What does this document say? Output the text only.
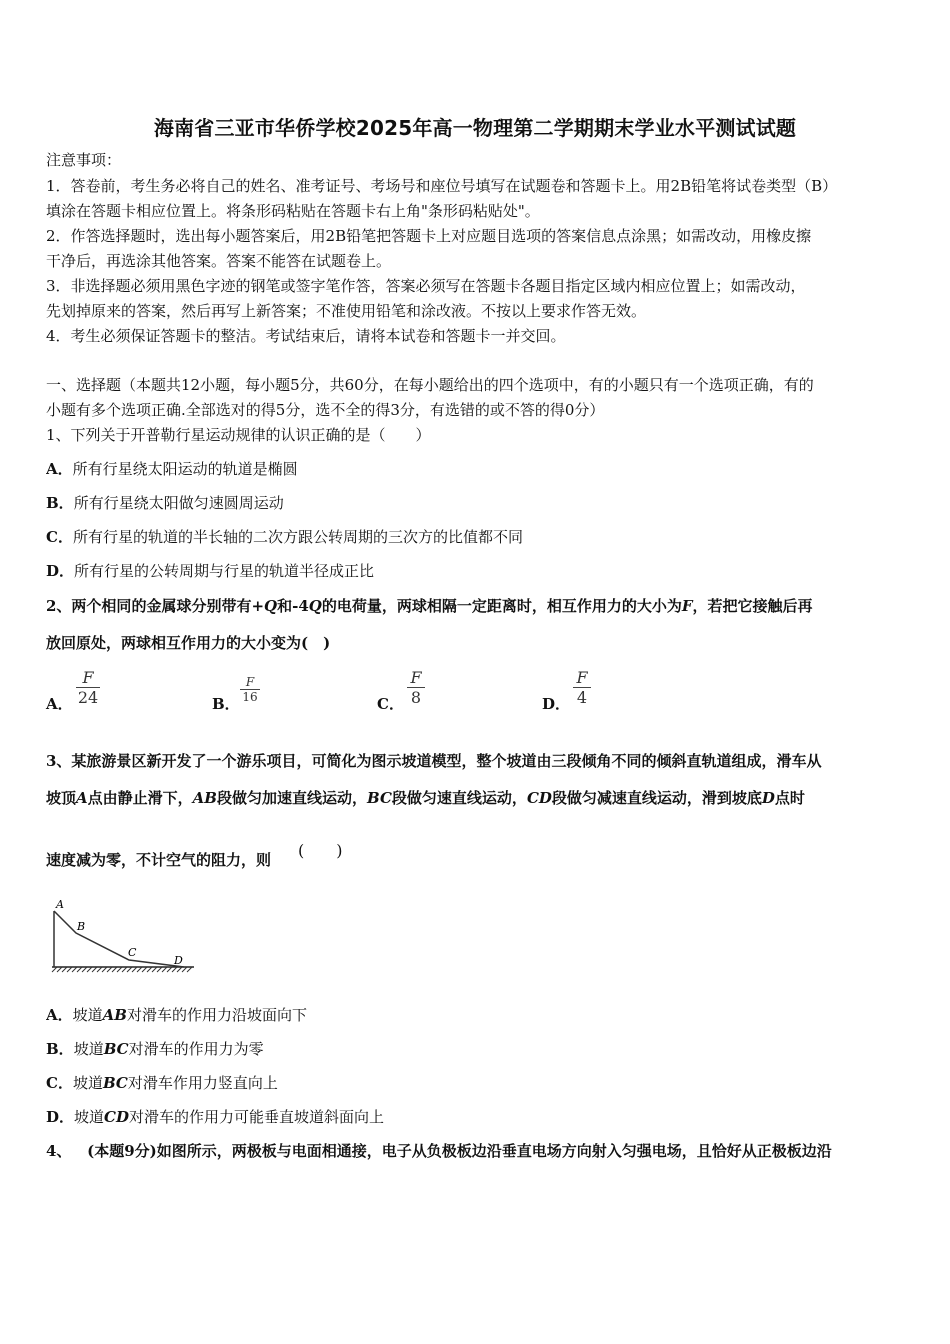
海南省三亚市华侨学校2025年高一物理第二学期期末学业水平测试试题
注意事项：
1．答卷前，考生务必将自己的姓名、准考证号、考场号和座位号填写在试题卷和答题卡上。用2B铅笔将试卷类型（B）
填涂在答题卡相应位置上。将条形码粘贴在答题卡右上角"条形码粘贴处"。
2．作答选择题时，选出每小题答案后，用2B铅笔把答题卡上对应题目选项的答案信息点涂黑；如需改动，用橡皮擦
干净后，再选涂其他答案。答案不能答在试题卷上。
3．非选择题必须用黑色字迹的钢笔或签字笔作答，答案必须写在答题卡各题目指定区域内相应位置上；如需改动，
先划掉原来的答案，然后再写上新答案；不准使用铅笔和涂改液。不按以上要求作答无效。
4．考生必须保证答题卡的整洁。考试结束后，请将本试卷和答题卡一并交回。
一、选择题（本题共12小题，每小题5分，共60分，在每小题给出的四个选项中，有的小题只有一个选项正确，有的
小题有多个选项正确.全部选对的得5分，选不全的得3分，有选错的或不答的得0分）
1、下列关于开普勒行星运动规律的认识正确的是（　　）
A．所有行星绕太阳运动的轨道是椭圆
B．所有行星绕太阳做匀速圆周运动
C．所有行星的轨道的半长轴的二次方跟公转周期的三次方的比值都不同
D．所有行星的公转周期与行星的轨道半径成正比
2、两个相同的金属球分别带有+Q和-4Q的电荷量，两球相隔一定距离时，相互作用力的大小为F，若把它接触后再
放回原处，两球相互作用力的大小变为(　)
A．
F
24	B．
F
16	C．
F
8	D．
F
4
3、某旅游景区新开发了一个游乐项目，可简化为图示坡道模型，整个坡道由三段倾角不同的倾斜直轨道组成，滑车从
坡顶A点由静止滑下，AB段做匀加速直线运动，BC段做匀速直线运动，CD段做匀减速直线运动，滑到坡底D点时
速度减为零，不计空气的阻力，则	(　　)
A
B
C
D
A．坡道AB对滑车的作用力沿坡面向下
B．坡道BC对滑车的作用力为零
C．坡道BC对滑车作用力竖直向上
D．坡道CD对滑车的作用力可能垂直坡道斜面向上
4、 (本题9分)如图所示，两极板与电面相通接，电子从负极板边沿垂直电场方向射入匀强电场，且恰好从正极板边沿
